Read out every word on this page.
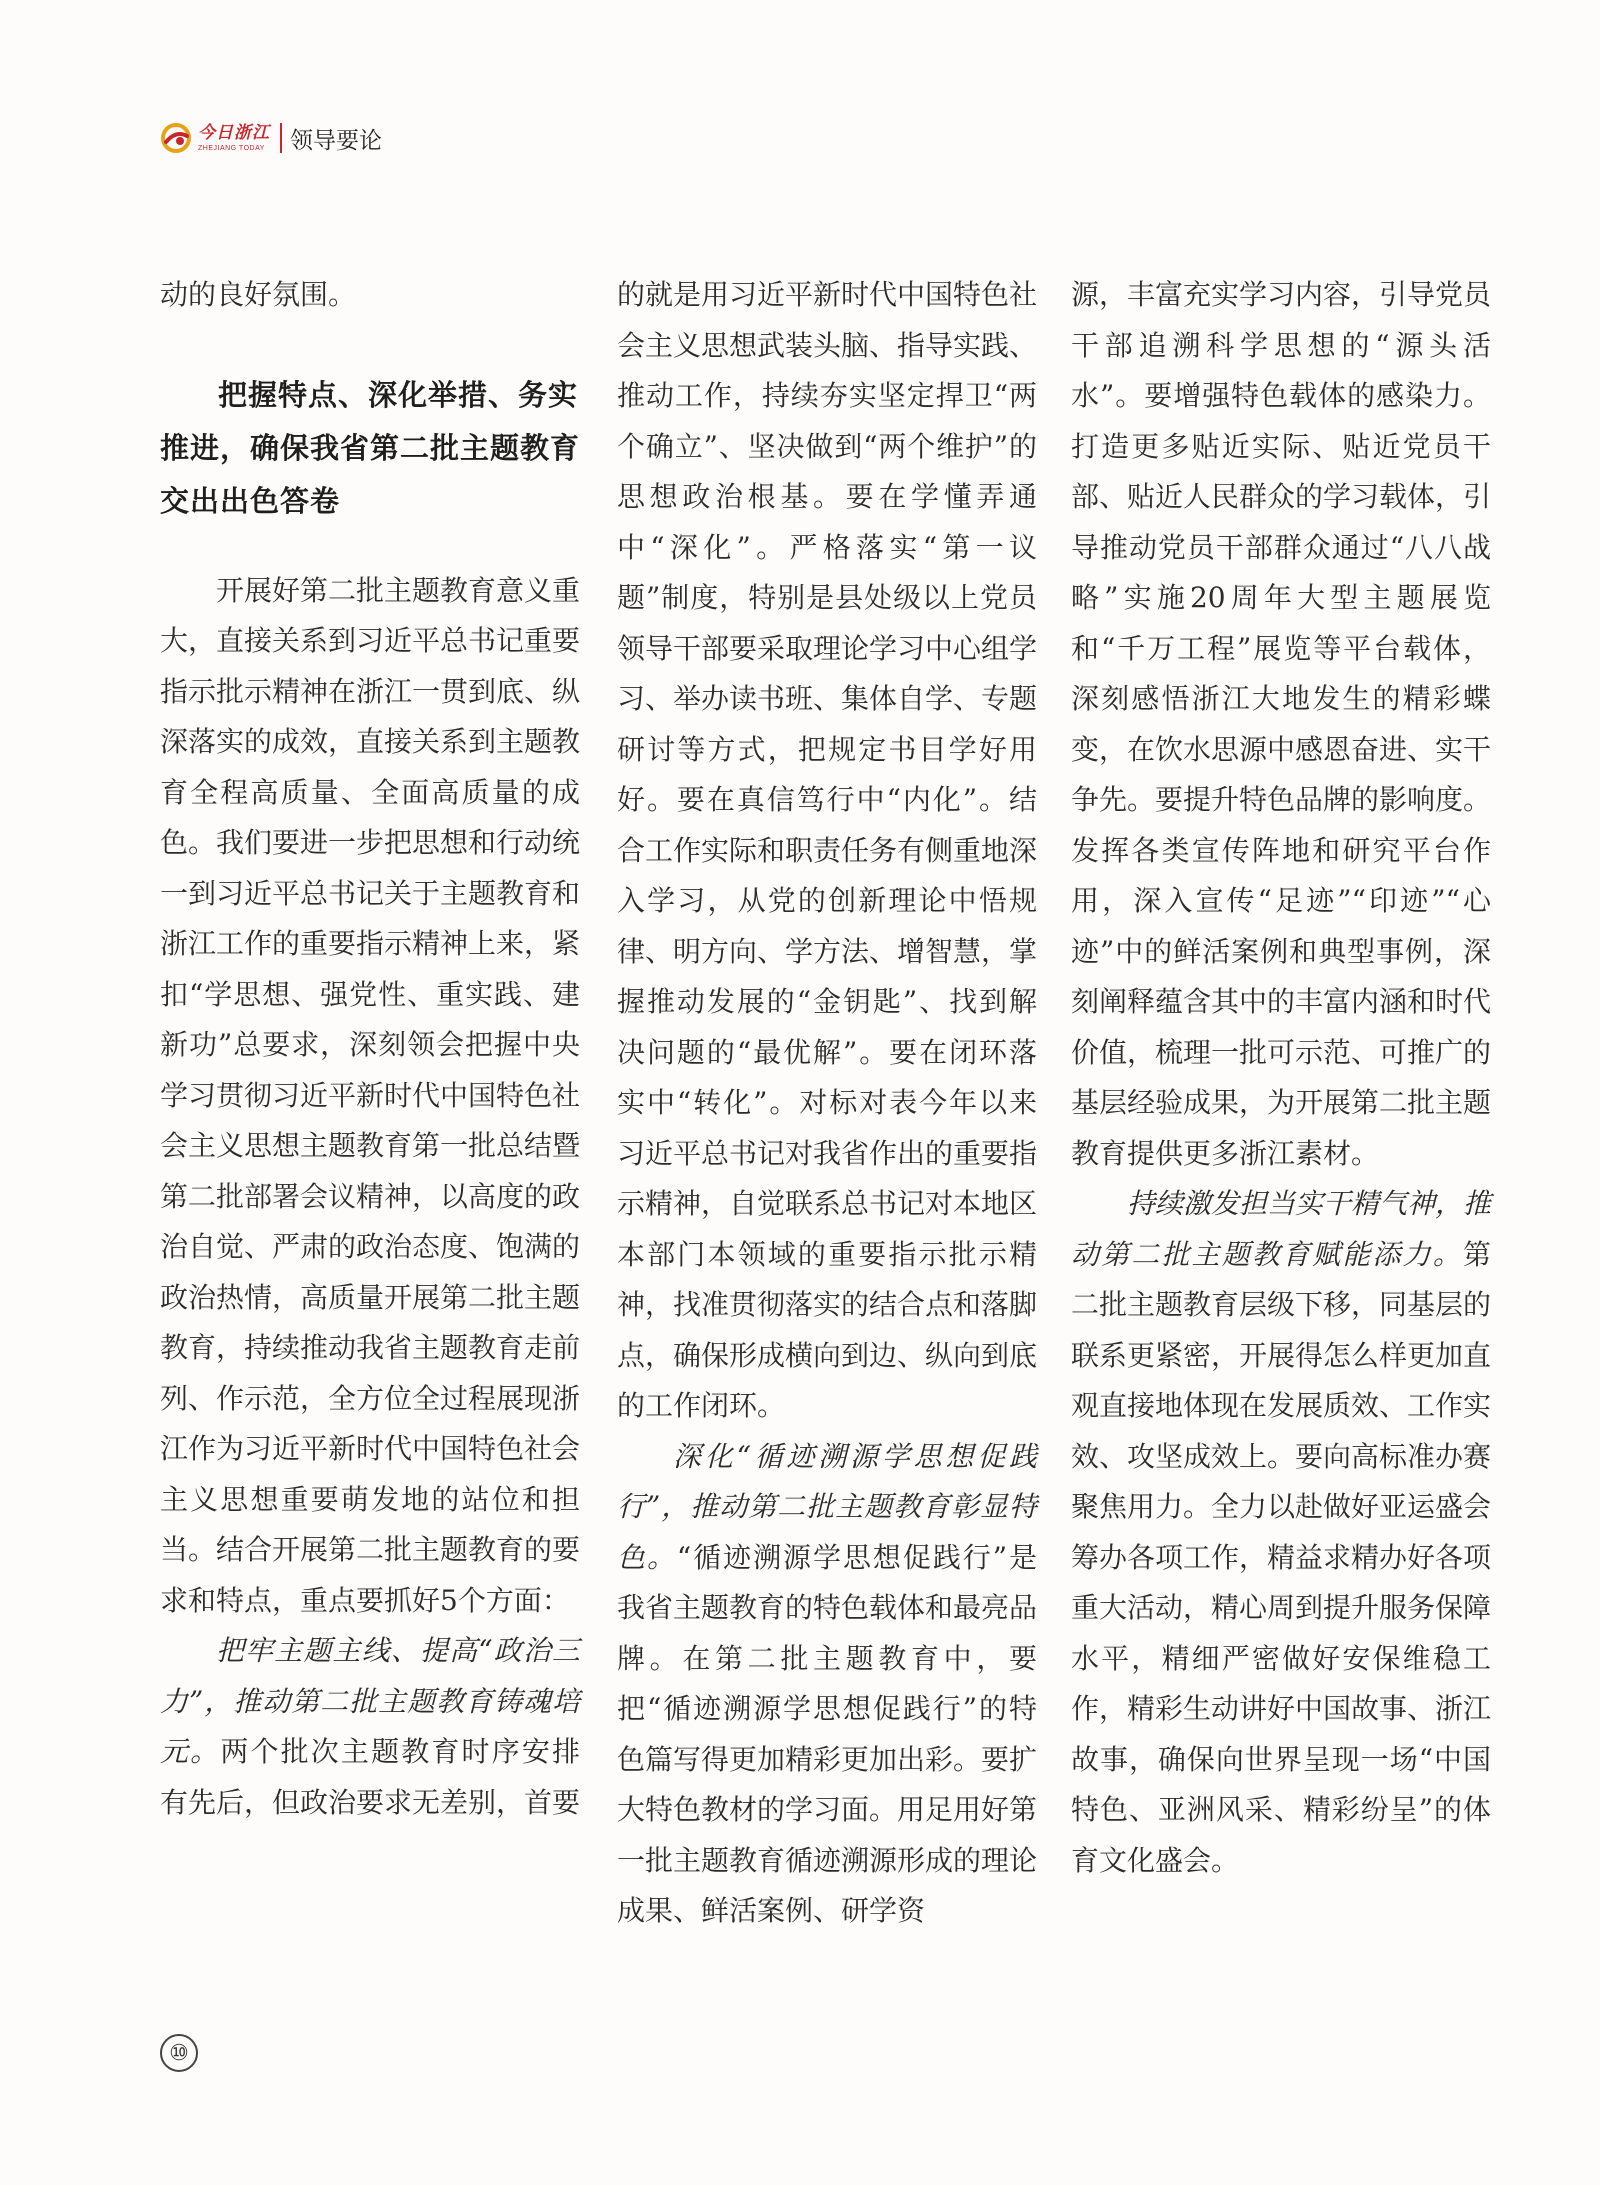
今日浙江
ZHEJIANG TODAY 领导要论

动的良好氛围。

把握特点、深化举措、务实推进，确保我省第二批主题教育交出出色答卷

开展好第二批主题教育意义重大，直接关系到习近平总书记重要指示批示精神在浙江一贯到底、纵深落实的成效，直接关系到主题教育全程高质量、全面高质量的成色。我们要进一步把思想和行动统一到习近平总书记关于主题教育和浙江工作的重要指示精神上来，紧扣“学思想、强党性、重实践、建新功”总要求，深刻领会把握中央学习贯彻习近平新时代中国特色社会主义思想主题教育第一批总结暨第二批部署会议精神，以高度的政治自觉、严肃的政治态度、饱满的政治热情，高质量开展第二批主题教育，持续推动我省主题教育走前列、作示范，全方位全过程展现浙江作为习近平新时代中国特色社会主义思想重要萌发地的站位和担当。结合开展第二批主题教育的要求和特点，重点要抓好5个方面：

把牢主题主线、提高“政治三力”，推动第二批主题教育铸魂培元。两个批次主题教育时序安排有先后，但政治要求无差别，首要

的就是用习近平新时代中国特色社会主义思想武装头脑、指导实践、推动工作，持续夯实坚定捍卫“两个确立”、坚决做到“两个维护”的思想政治根基。要在学懂弄通中“深化”。严格落实“第一议题”制度，特别是县处级以上党员领导干部要采取理论学习中心组学习、举办读书班、集体自学、专题研讨等方式，把规定书目学好用好。要在真信笃行中“内化”。结合工作实际和职责任务有侧重地深入学习，从党的创新理论中悟规律、明方向、学方法、增智慧，掌握推动发展的“金钥匙”、找到解决问题的“最优解”。要在闭环落实中“转化”。对标对表今年以来习近平总书记对我省作出的重要指示精神，自觉联系总书记对本地区本部门本领域的重要指示批示精神，找准贯彻落实的结合点和落脚点，确保形成横向到边、纵向到底的工作闭环。

深化“循迹溯源学思想促践行”，推动第二批主题教育彰显特色。“循迹溯源学思想促践行”是我省主题教育的特色载体和最亮品牌。在第二批主题教育中，要把“循迹溯源学思想促践行”的特色篇写得更加精彩更加出彩。要扩大特色教材的学习面。用足用好第一批主题教育循迹溯源形成的理论成果、鲜活案例、研学资

源，丰富充实学习内容，引导党员干部追溯科学思想的“源头活水”。要增强特色载体的感染力。打造更多贴近实际、贴近党员干部、贴近人民群众的学习载体，引导推动党员干部群众通过“八八战略”实施20周年大型主题展览和“千万工程”展览等平台载体，深刻感悟浙江大地发生的精彩蝶变，在饮水思源中感恩奋进、实干争先。要提升特色品牌的影响度。发挥各类宣传阵地和研究平台作用，深入宣传“足迹”“印迹”“心迹”中的鲜活案例和典型事例，深刻阐释蕴含其中的丰富内涵和时代价值，梳理一批可示范、可推广的基层经验成果，为开展第二批主题教育提供更多浙江素材。

持续激发担当实干精气神，推动第二批主题教育赋能添力。第二批主题教育层级下移，同基层的联系更紧密，开展得怎么样更加直观直接地体现在发展质效、工作实效、攻坚成效上。要向高标准办赛聚焦用力。全力以赴做好亚运盛会筹办各项工作，精益求精办好各项重大活动，精心周到提升服务保障水平，精细严密做好安保维稳工作，精彩生动讲好中国故事、浙江故事，确保向世界呈现一场“中国特色、亚洲风采、精彩纷呈”的体育文化盛会。

⑩
